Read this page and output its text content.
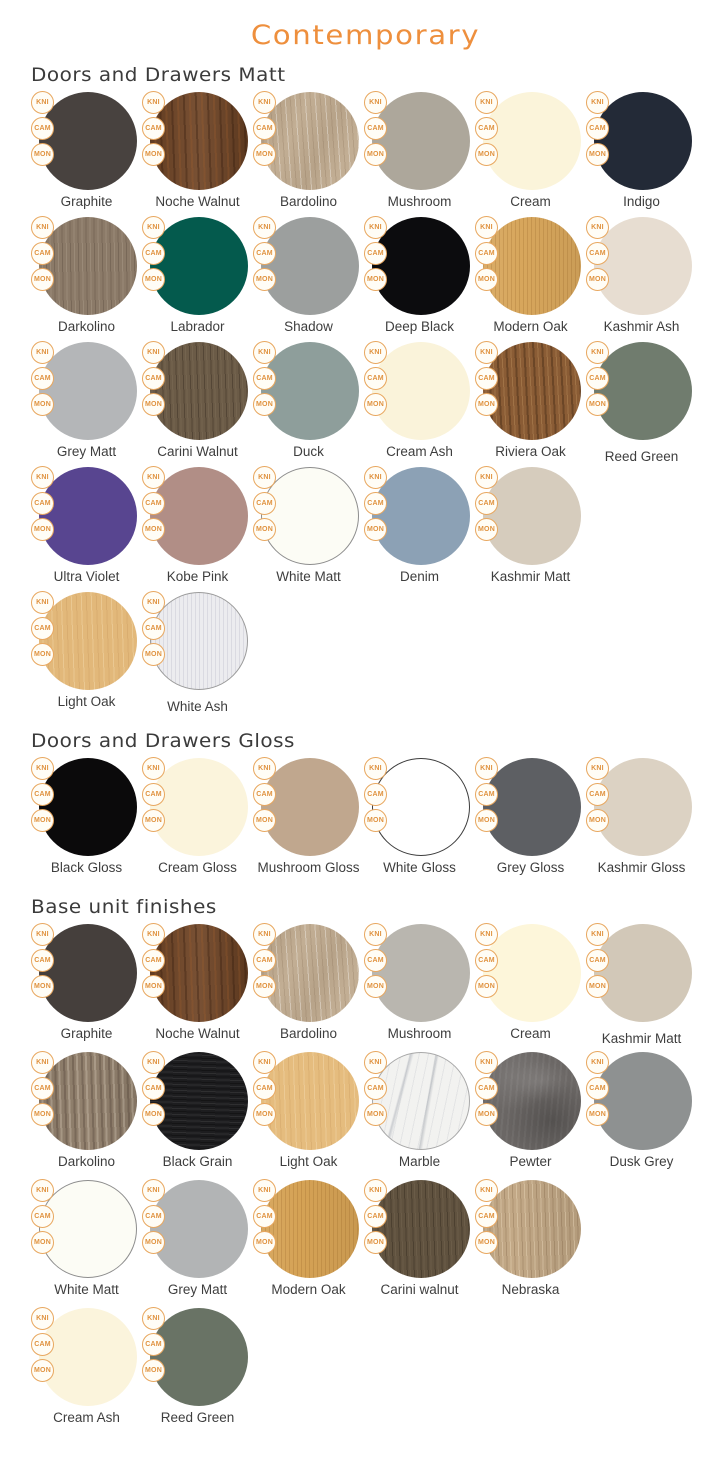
Contemporary
Doors and Drawers Matt
KNI
CAM
MON
Graphite
KNI
CAM
MON
Noche Walnut
KNI
CAM
MON
Bardolino
KNI
CAM
MON
Mushroom
KNI
CAM
MON
Cream
KNI
CAM
MON
Indigo
KNI
CAM
MON
Darkolino
KNI
CAM
MON
Labrador
KNI
CAM
MON
Shadow
KNI
CAM
MON
Deep Black
KNI
CAM
MON
Modern Oak
KNI
CAM
MON
Kashmir Ash
KNI
CAM
MON
Grey Matt
KNI
CAM
MON
Carini Walnut
KNI
CAM
MON
Duck
KNI
CAM
MON
Cream Ash
KNI
CAM
MON
Riviera Oak
KNI
CAM
MON
Reed Green
KNI
CAM
MON
Ultra Violet
KNI
CAM
MON
Kobe Pink
KNI
CAM
MON
White Matt
KNI
CAM
MON
Denim
KNI
CAM
MON
Kashmir Matt
KNI
CAM
MON
Light Oak
KNI
CAM
MON
White Ash
Doors and Drawers Gloss
KNI
CAM
MON
Black Gloss
KNI
CAM
MON
Cream Gloss
KNI
CAM
MON
Mushroom Gloss
KNI
CAM
MON
White Gloss
KNI
CAM
MON
Grey Gloss
KNI
CAM
MON
Kashmir Gloss
Base unit finishes
KNI
CAM
MON
Graphite
KNI
CAM
MON
Noche Walnut
KNI
CAM
MON
Bardolino
KNI
CAM
MON
Mushroom
KNI
CAM
MON
Cream
KNI
CAM
MON
Kashmir Matt
KNI
CAM
MON
Darkolino
KNI
CAM
MON
Black Grain
KNI
CAM
MON
Light Oak
KNI
CAM
MON
Marble
KNI
CAM
MON
Pewter
KNI
CAM
MON
Dusk Grey
KNI
CAM
MON
White Matt
KNI
CAM
MON
Grey Matt
KNI
CAM
MON
Modern Oak
KNI
CAM
MON
Carini walnut
KNI
CAM
MON
Nebraska
KNI
CAM
MON
Cream Ash
KNI
CAM
MON
Reed Green
